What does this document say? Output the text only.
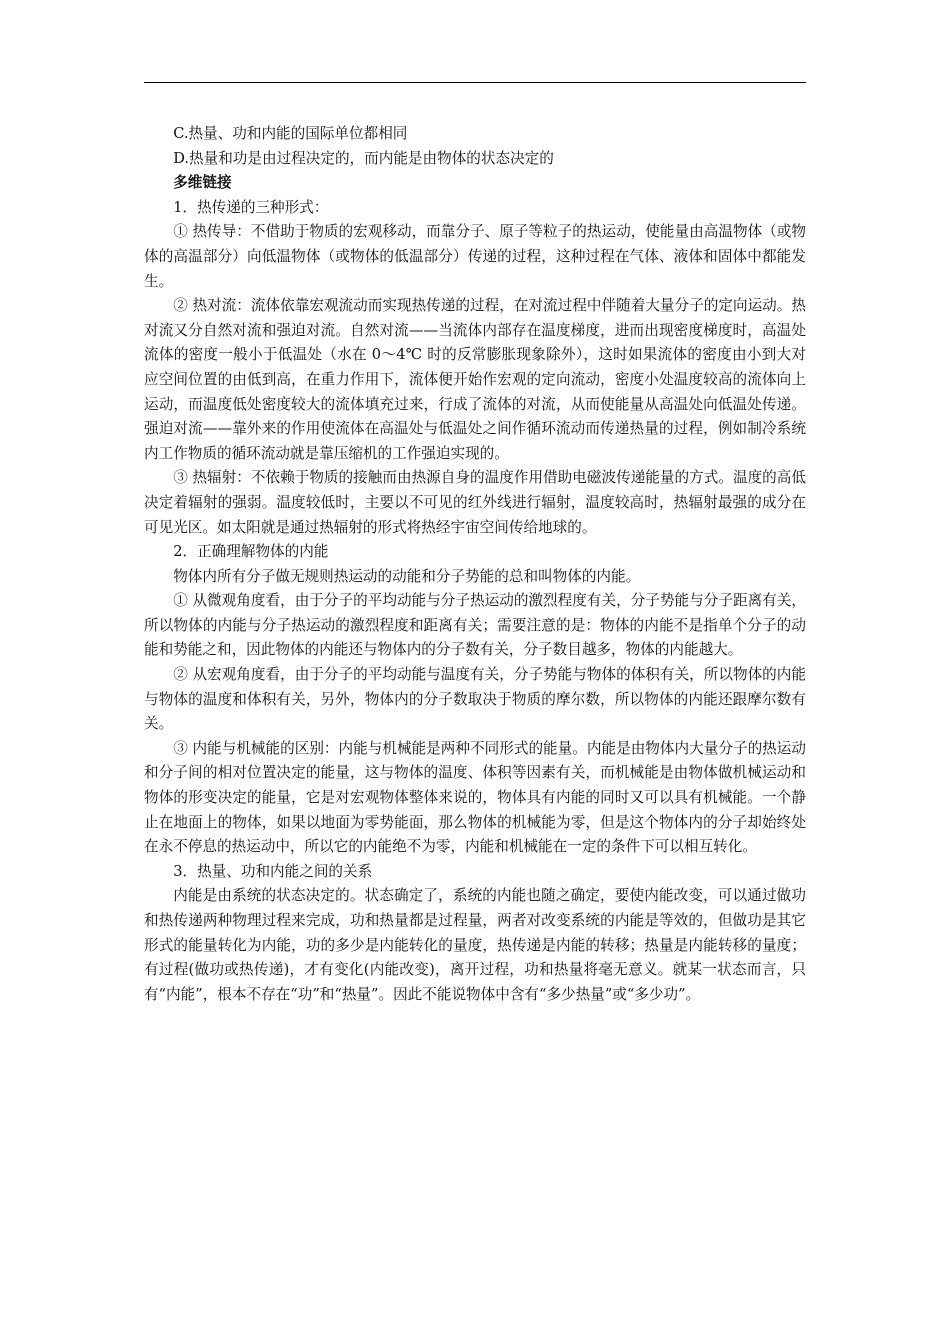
C.热量、功和内能的国际单位都相同

D.热量和功是由过程决定的，而内能是由物体的状态决定的

多维链接

1．热传递的三种形式：

① 热传导：不借助于物质的宏观移动，而靠分子、原子等粒子的热运动，使能量由高温物体（或物体的高温部分）向低温物体（或物体的低温部分）传递的过程，这种过程在气体、液体和固体中都能发生。

② 热对流：流体依靠宏观流动而实现热传递的过程，在对流过程中伴随着大量分子的定向运动。热对流又分自然对流和强迫对流。自然对流——当流体内部存在温度梯度，进而出现密度梯度时，高温处流体的密度一般小于低温处（水在 0～4℃ 时的反常膨胀现象除外），这时如果流体的密度由小到大对应空间位置的由低到高，在重力作用下，流体便开始作宏观的定向流动，密度小处温度较高的流体向上运动，而温度低处密度较大的流体填充过来，行成了流体的对流，从而使能量从高温处向低温处传递。强迫对流——靠外来的作用使流体在高温处与低温处之间作循环流动而传递热量的过程，例如制冷系统内工作物质的循环流动就是靠压缩机的工作强迫实现的。

③ 热辐射：不依赖于物质的接触而由热源自身的温度作用借助电磁波传递能量的方式。温度的高低决定着辐射的强弱。温度较低时，主要以不可见的红外线进行辐射，温度较高时，热辐射最强的成分在可见光区。如太阳就是通过热辐射的形式将热经宇宙空间传给地球的。

2．正确理解物体的内能

物体内所有分子做无规则热运动的动能和分子势能的总和叫物体的内能。

① 从微观角度看，由于分子的平均动能与分子热运动的激烈程度有关，分子势能与分子距离有关，所以物体的内能与分子热运动的激烈程度和距离有关；需要注意的是：物体的内能不是指单个分子的动能和势能之和，因此物体的内能还与物体内的分子数有关，分子数目越多，物体的内能越大。

② 从宏观角度看，由于分子的平均动能与温度有关，分子势能与物体的体积有关，所以物体的内能与物体的温度和体积有关，另外，物体内的分子数取决于物质的摩尔数，所以物体的内能还跟摩尔数有关。

③ 内能与机械能的区别：内能与机械能是两种不同形式的能量。内能是由物体内大量分子的热运动和分子间的相对位置决定的能量，这与物体的温度、体积等因素有关，而机械能是由物体做机械运动和物体的形变决定的能量，它是对宏观物体整体来说的，物体具有内能的同时又可以具有机械能。一个静止在地面上的物体，如果以地面为零势能面，那么物体的机械能为零，但是这个物体内的分子却始终处在永不停息的热运动中，所以它的内能绝不为零，内能和机械能在一定的条件下可以相互转化。

3．热量、功和内能之间的关系

内能是由系统的状态决定的。状态确定了，系统的内能也随之确定，要使内能改变，可以通过做功和热传递两种物理过程来完成，功和热量都是过程量，两者对改变系统的内能是等效的，但做功是其它形式的能量转化为内能，功的多少是内能转化的量度，热传递是内能的转移；热量是内能转移的量度；有过程(做功或热传递)，才有变化(内能改变)，离开过程，功和热量将毫无意义。就某一状态而言，只有“内能”，根本不存在“功”和“热量”。因此不能说物体中含有“多少热量”或“多少功”。
